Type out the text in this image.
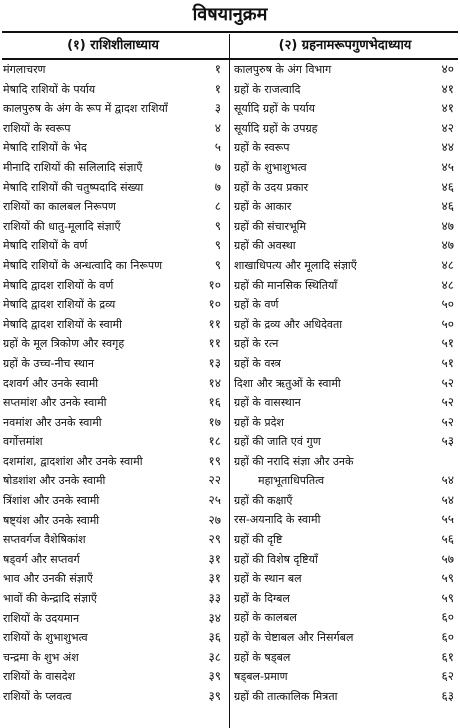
विषयानुक्रम
(१) राशिशीलाध्याय
मंगलाचरण	१
मेषादि राशियों के पर्याय	१
कालपुरुष के अंग के रूप में द्वादश राशियाँ	३
राशियों के स्वरूप	४
मेषादि राशियों के भेद	५
मीनादि राशियों की सलिलादि संज्ञाएँ	७
मेषादि राशियों की चतुष्पदादि संख्या	७
राशियों का कालबल निरूपण	८
राशियों की धातु-मूलादि संज्ञाएँ	९
मेषादि राशियों के वर्ण	९
मेषादि राशियों के अन्धत्वादि का निरूपण	९
मेषादि द्वादश राशियों के वर्ण	१०
मेषादि द्वादश राशियों के द्रव्य	१०
मेषादि द्वादश राशियों के स्वामी	११
ग्रहों के मूल त्रिकोण और स्वगृह	११
ग्रहों के उच्च-नीच स्थान	१३
दशवर्ग और उनके स्वामी	१४
सप्तमांश और उनके स्वामी	१६
नवमांश और उनके स्वामी	१७
वर्गोत्तमांश	१८
दशमांश, द्वादशांश और उनके स्वामी	१९
षोडशांश और उनके स्वामी	२२
त्रिंशांश और उनके स्वामी	२५
षष्ट्यंश और उनके स्वामी	२७
सप्तवर्गज वैशेषिकांश	२९
षड्वर्ग और सप्तवर्ग	३१
भाव और उनकी संज्ञाएँ	३१
भावों की केन्द्रादि संज्ञाएँ	३३
राशियों के उदयमान	३४
राशियों के शुभाशुभत्व	३६
चन्द्रमा के शुभ अंश	३८
राशियों के वासदेश	३९
राशियों के प्लवत्व	३९
(२) ग्रहनामरूपगुणभेदाध्याय
कालपुरुष के अंग विभाग	४०
ग्रहों के राजत्वादि	४१
सूर्यादि ग्रहों के पर्याय	४१
सूर्यादि ग्रहों के उपग्रह	४२
ग्रहों के स्वरूप	४४
ग्रहों के शुभाशुभत्व	४५
ग्रहों के उदय प्रकार	४६
ग्रहों के आकार	४६
ग्रहों की संचारभूमि	४७
ग्रहों की अवस्था	४७
शाखाधिपत्य और मूलादि संज्ञाएँ	४८
ग्रहों की मानसिक स्थितियाँ	४८
ग्रहों के वर्ण	५०
ग्रहों के द्रव्य और अधिदेवता	५०
ग्रहों के रत्न	५१
ग्रहों के वस्त्र	५१
दिशा और ऋतुओं के स्वामी	५२
ग्रहों के वासस्थान	५२
ग्रहों के प्रदेश	५२
ग्रहों की जाति एवं गुण	५३
ग्रहों की नरादि संज्ञा और उनके
महाभूताधिपतित्व	५४
ग्रहों की कक्षाएँ	५४
रस-अयनादि के स्वामी	५५
ग्रहों की दृष्टि	५६
ग्रहों की विशेष दृष्टियाँ	५७
ग्रहों के स्थान बल	५९
ग्रहों के दिग्बल	५९
ग्रहों के कालबल	६०
ग्रहों के चेष्टाबल और निसर्गबल	६०
ग्रहों के षड्बल	६१
षड्बल-प्रमाण	६२
ग्रहों की तात्कालिक मित्रता	६३
